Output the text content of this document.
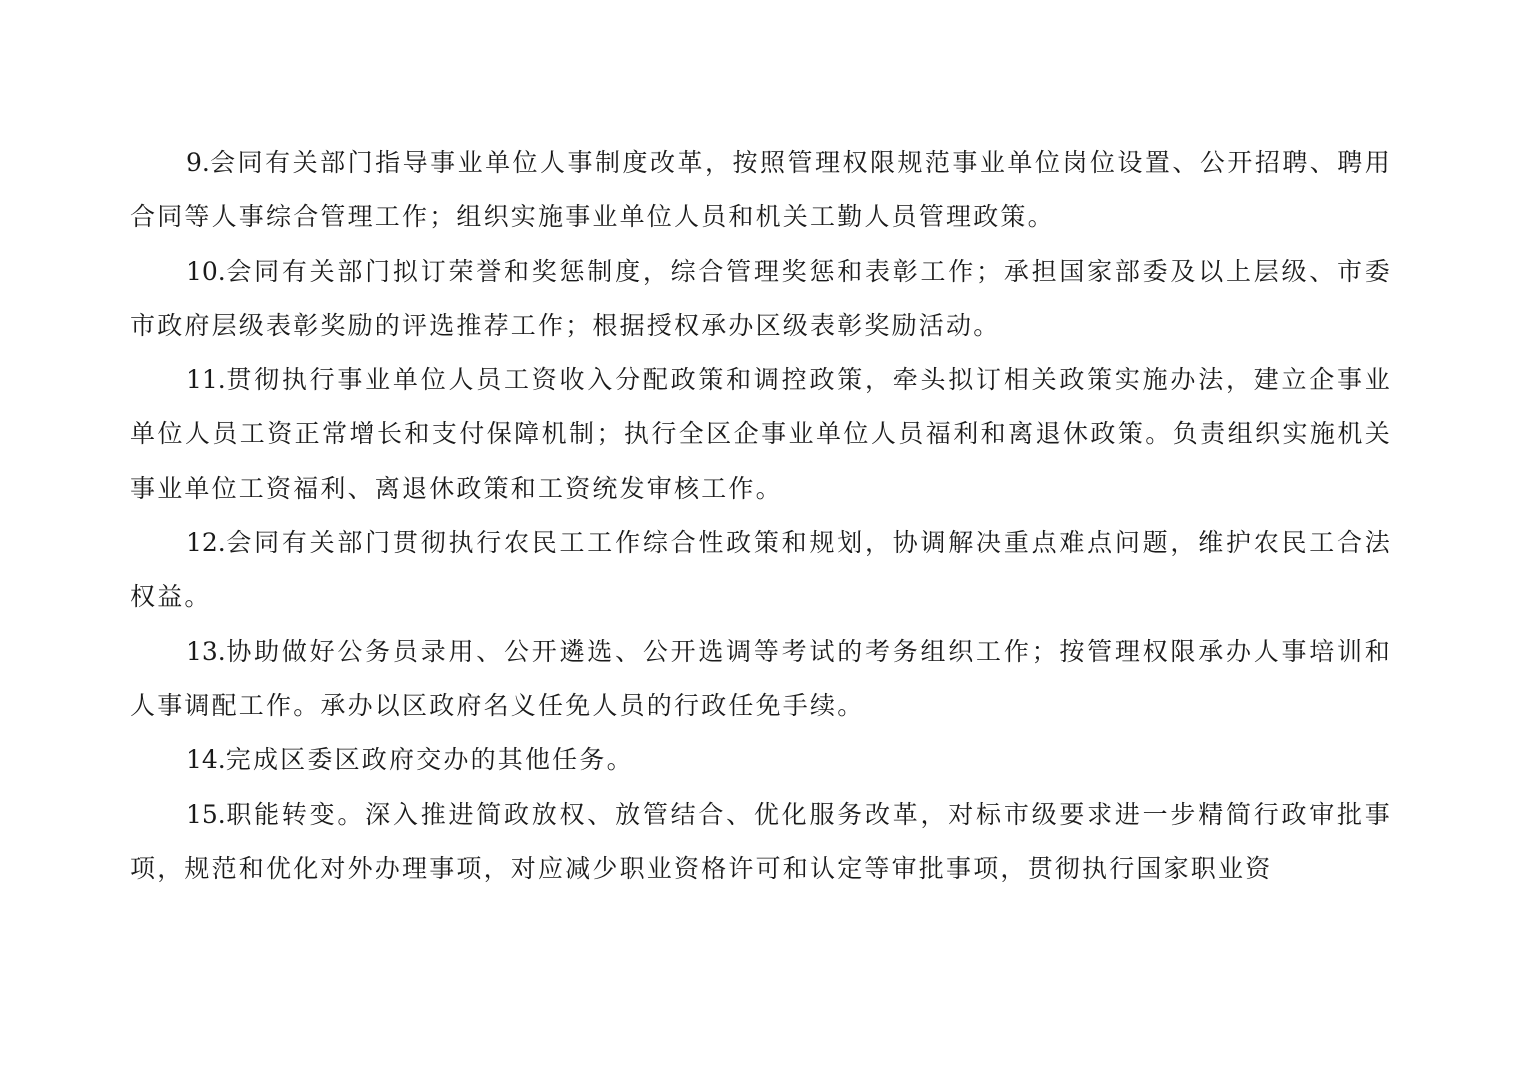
9.会同有关部门指导事业单位人事制度改革，按照管理权限规范事业单位岗位设置、公开招聘、聘用合同等人事综合管理工作；组织实施事业单位人员和机关工勤人员管理政策。

10.会同有关部门拟订荣誉和奖惩制度，综合管理奖惩和表彰工作；承担国家部委及以上层级、市委市政府层级表彰奖励的评选推荐工作；根据授权承办区级表彰奖励活动。

11.贯彻执行事业单位人员工资收入分配政策和调控政策，牵头拟订相关政策实施办法，建立企事业单位人员工资正常增长和支付保障机制；执行全区企事业单位人员福利和离退休政策。负责组织实施机关事业单位工资福利、离退休政策和工资统发审核工作。

12.会同有关部门贯彻执行农民工工作综合性政策和规划，协调解决重点难点问题，维护农民工合法权益。

13.协助做好公务员录用、公开遴选、公开选调等考试的考务组织工作；按管理权限承办人事培训和人事调配工作。承办以区政府名义任免人员的行政任免手续。

14.完成区委区政府交办的其他任务。

15.职能转变。深入推进简政放权、放管结合、优化服务改革，对标市级要求进一步精简行政审批事项，规范和优化对外办理事项，对应减少职业资格许可和认定等审批事项，贯彻执行国家职业资
